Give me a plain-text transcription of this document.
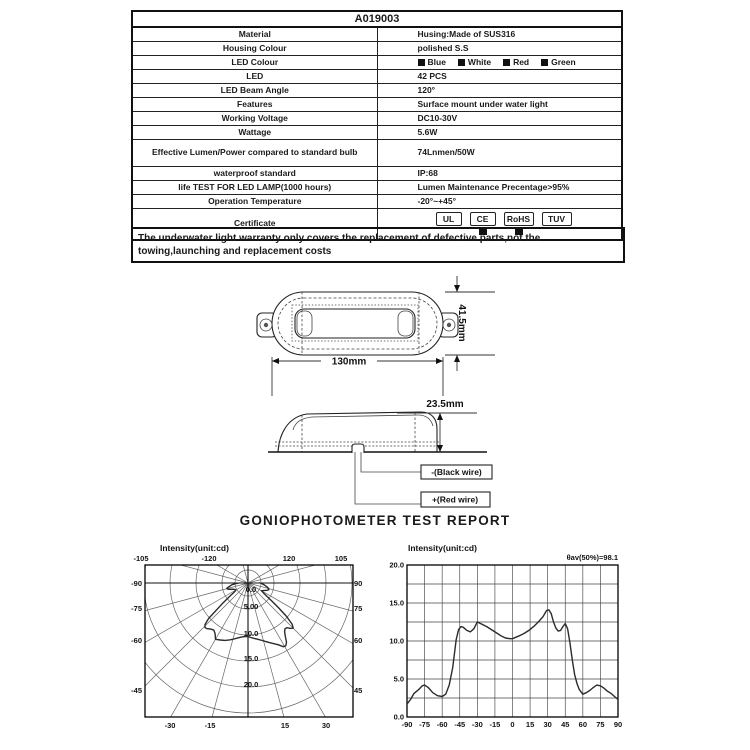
A019003	
Material	Husing:Made of SUS316
Housing Colour	polished S.S
LED Colour	Blue White Red Green
LED	42 PCS
LED Beam Angle	120°
Features	Surface mount under water light
Working Voltage	DC10-30V
Wattage	5.6W
Effective Lumen/Power compared to standard bulb	74Lnmen/50W
waterproof standard	IP:68
life TEST FOR LED LAMP(1000 hours)	Lumen Maintenance Precentage>95%
Operation Temperature	-20°~+45°
Certificate	UL CE RoHS TUV
The underwater light warranty only covers the replacement of defective parts,not the towing,launching and replacement costs
41.5mm
130mm
23.5mm
-(Black wire)
+(Red wire)
GONIOPHOTOMETER TEST REPORT
Intensity(unit:cd)
-105	-120	120	105
-90
-75
-60
-45
90
75
60
45
-30	-15	15	30
0.0
5.00
10.0
15.0
20.0
Intensity(unit:cd)
θav(50%)=98.1
-90 -75 -60 -45 -30 -15 0 15 30 45 60 75 90
20.0
15.0
10.0
5.0
0.0
